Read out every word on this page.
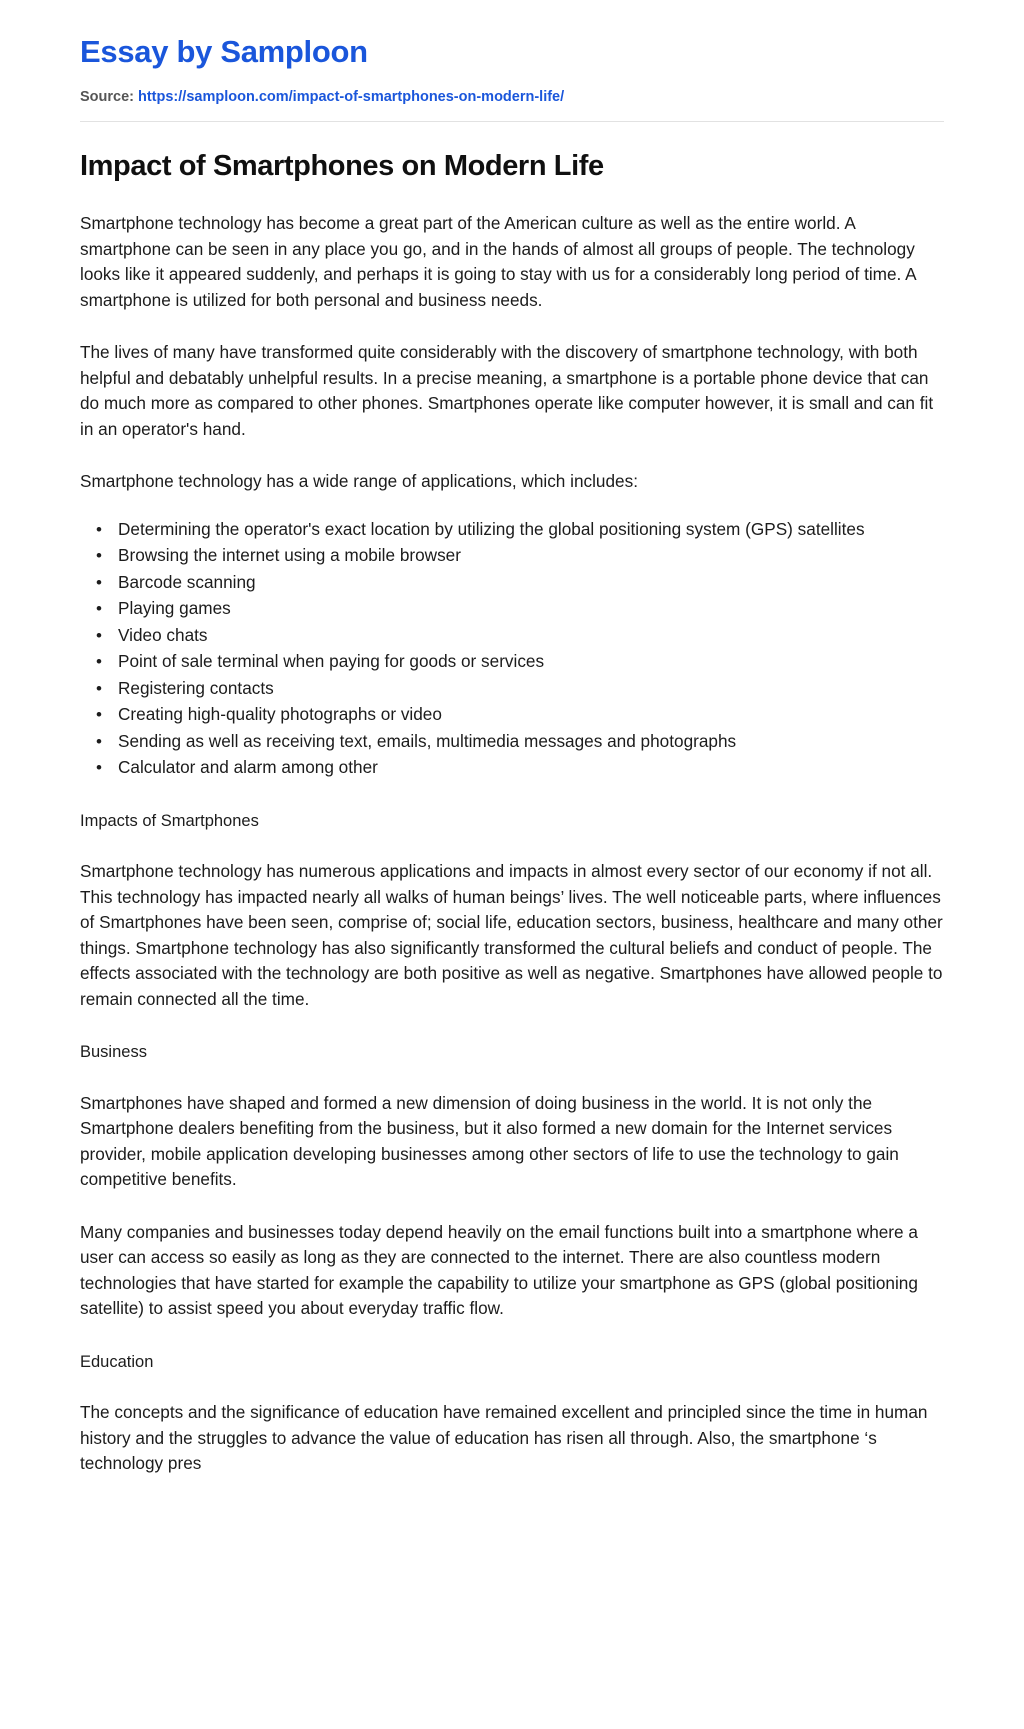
Essay by Samploon
Source: https://samploon.com/impact-of-smartphones-on-modern-life/
Impact of Smartphones on Modern Life

Smartphone technology has become a great part of the American culture as well as the entire world. A smartphone can be seen in any place you go, and in the hands of almost all groups of people. The technology looks like it appeared suddenly, and perhaps it is going to stay with us for a considerably long period of time. A smartphone is utilized for both personal and business needs.

The lives of many have transformed quite considerably with the discovery of smartphone technology, with both helpful and debatably unhelpful results. In a precise meaning, a smartphone is a portable phone device that can do much more as compared to other phones. Smartphones operate like computer however, it is small and can fit in an operator's hand.

Smartphone technology has a wide range of applications, which includes:

• Determining the operator's exact location by utilizing the global positioning system (GPS) satellites
• Browsing the internet using a mobile browser
• Barcode scanning
• Playing games
• Video chats
• Point of sale terminal when paying for goods or services
• Registering contacts
• Creating high-quality photographs or video
• Sending as well as receiving text, emails, multimedia messages and photographs
• Calculator and alarm among other
Impacts of Smartphones

Smartphone technology has numerous applications and impacts in almost every sector of our economy if not all. This technology has impacted nearly all walks of human beings’ lives. The well noticeable parts, where influences of Smartphones have been seen, comprise of; social life, education sectors, business, healthcare and many other things. Smartphone technology has also significantly transformed the cultural beliefs and conduct of people. The effects associated with the technology are both positive as well as negative. Smartphones have allowed people to remain connected all the time.

Business

Smartphones have shaped and formed a new dimension of doing business in the world. It is not only the Smartphone dealers benefiting from the business, but it also formed a new domain for the Internet services provider, mobile application developing businesses among other sectors of life to use the technology to gain competitive benefits.

Many companies and businesses today depend heavily on the email functions built into a smartphone where a user can access so easily as long as they are connected to the internet. There are also countless modern technologies that have started for example the capability to utilize your smartphone as GPS (global positioning satellite) to assist speed you about everyday traffic flow.

Education

The concepts and the significance of education have remained excellent and principled since the time in human history and the struggles to advance the value of education has risen all through. Also, the smartphone ‘s technology pres
